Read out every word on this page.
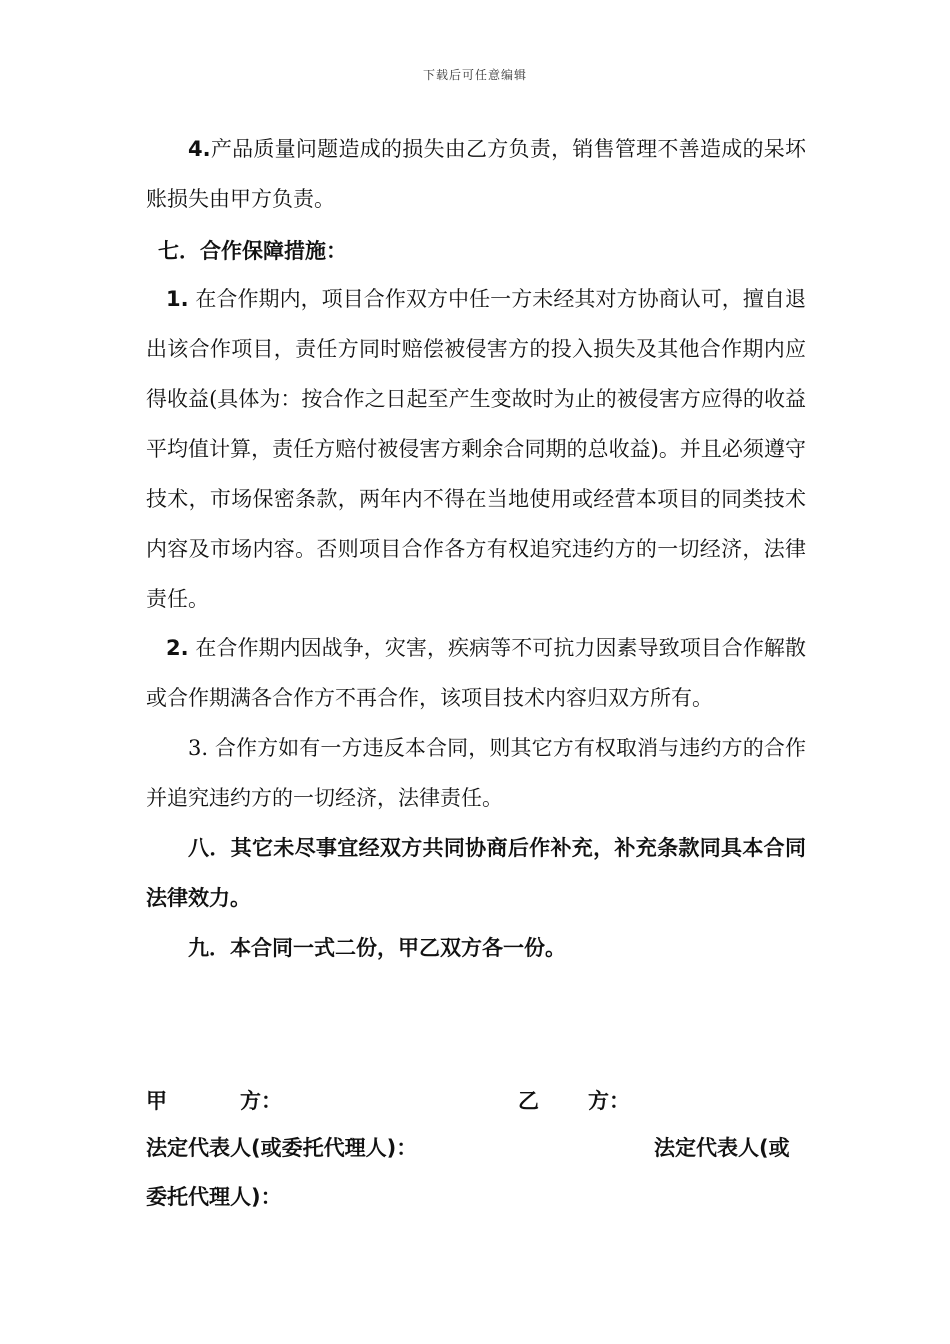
下载后可任意编辑

4.产品质量问题造成的损失由乙方负责，销售管理不善造成的呆坏账损失由甲方负责。

七．合作保障措施：

1. 在合作期内，项目合作双方中任一方未经其对方协商认可，擅自退出该合作项目，责任方同时赔偿被侵害方的投入损失及其他合作期内应得收益(具体为：按合作之日起至产生变故时为止的被侵害方应得的收益平均值计算，责任方赔付被侵害方剩余合同期的总收益)。并且必须遵守技术，市场保密条款，两年内不得在当地使用或经营本项目的同类技术内容及市场内容。否则项目合作各方有权追究违约方的一切经济，法律责任。

2. 在合作期内因战争，灾害，疾病等不可抗力因素导致项目合作解散或合作期满各合作方不再合作，该项目技术内容归双方所有。

3. 合作方如有一方违反本合同，则其它方有权取消与违约方的合作并追究违约方的一切经济，法律责任。

八．其它未尽事宜经双方共同协商后作补充，补充条款同具本合同法律效力。

九．本合同一式二份，甲乙双方各一份。

甲	方：	乙 方：
法定代表人(或委托代理人)：	法定代表人(或
委托代理人)：
